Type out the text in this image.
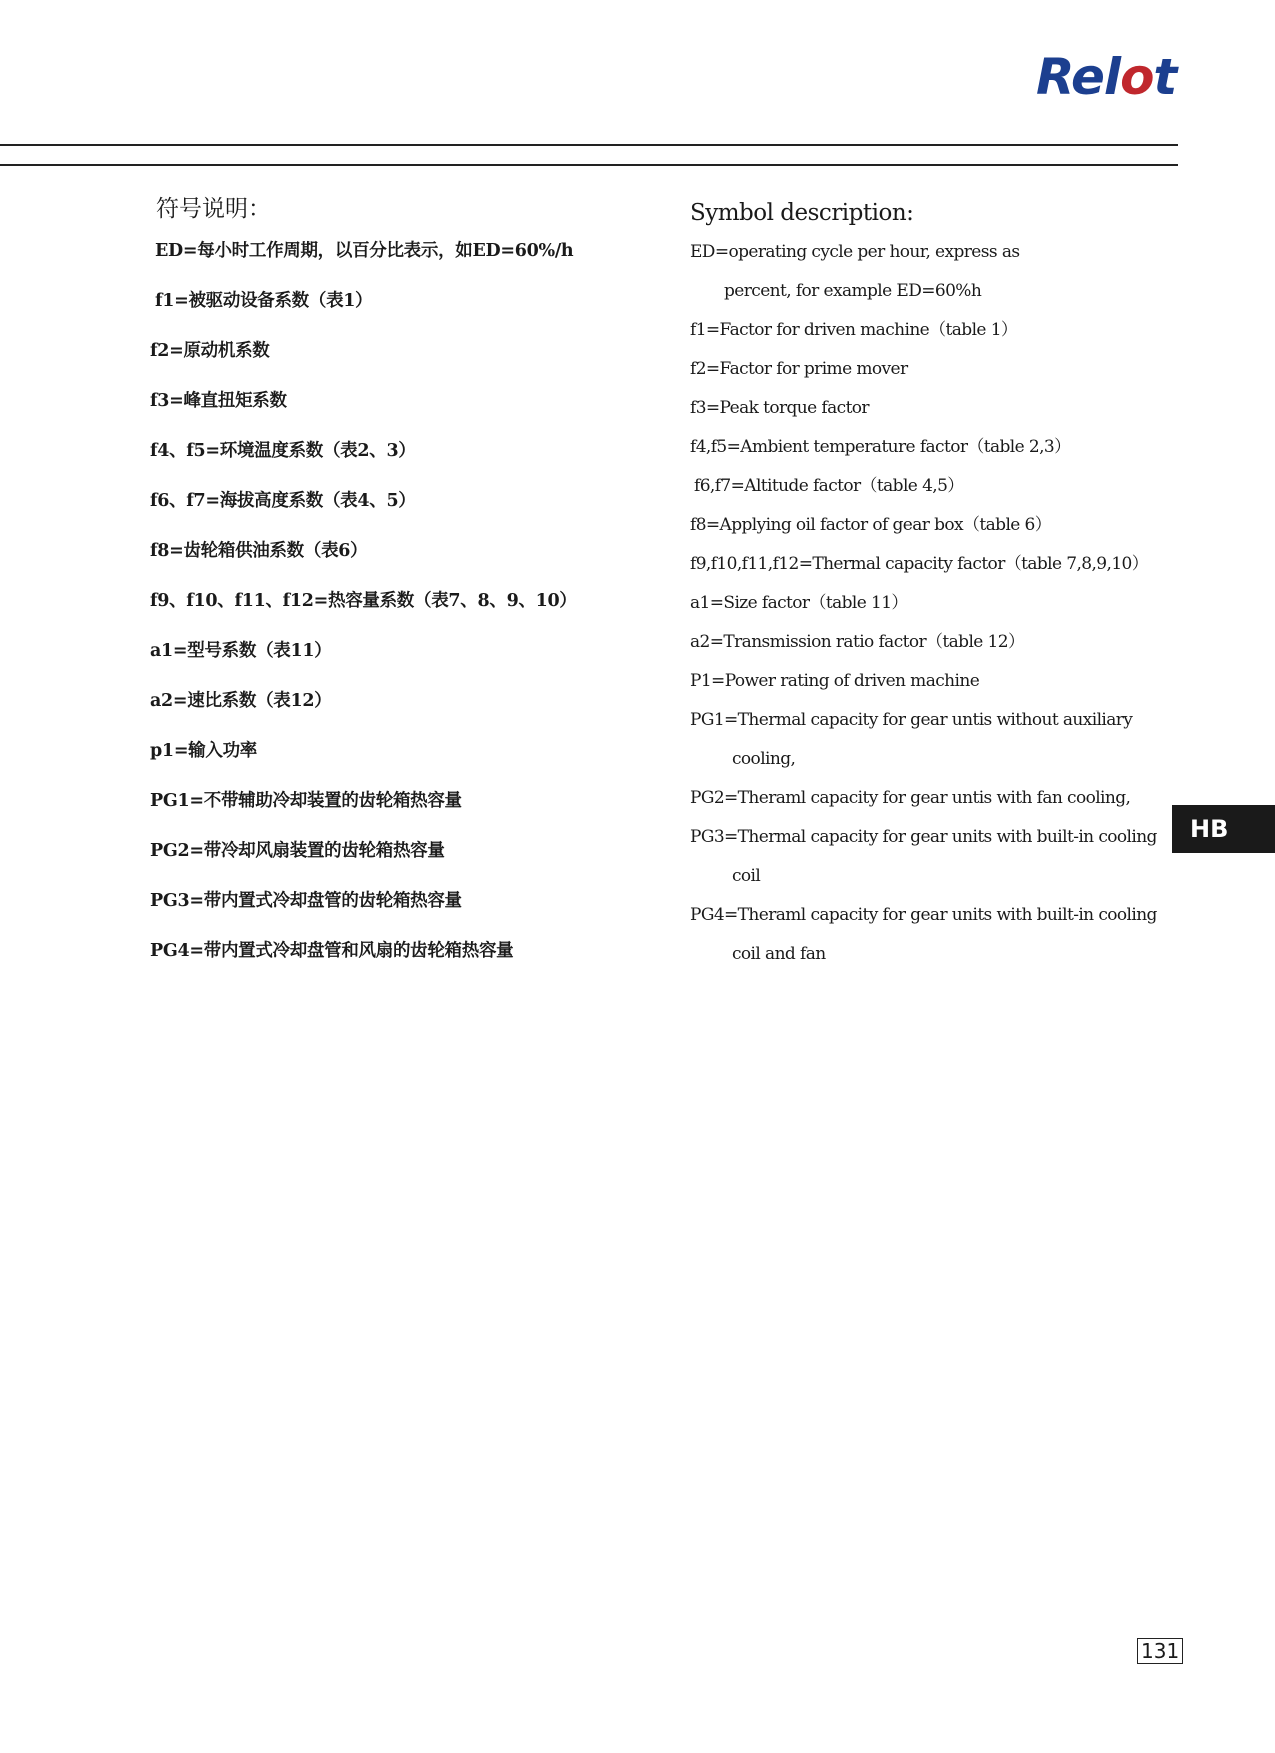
Relot
符号说明：
ED=每小时工作周期，以百分比表示，如ED=60%/h
f1=被驱动设备系数（表1）
f2=原动机系数
f3=峰直扭矩系数
f4、f5=环境温度系数（表2、3）
f6、f7=海拔高度系数（表4、5）
f8=齿轮箱供油系数（表6）
f9、f10、f11、f12=热容量系数（表7、8、9、10）
a1=型号系数（表11）
a2=速比系数（表12）
p1=输入功率
PG1=不带辅助冷却装置的齿轮箱热容量
PG2=带冷却风扇装置的齿轮箱热容量
PG3=带内置式冷却盘管的齿轮箱热容量
PG4=带内置式冷却盘管和风扇的齿轮箱热容量
Symbol description:
ED=operating cycle per hour, express as
percent, for example ED=60%h
f1=Factor for driven machine（table 1）
f2=Factor for prime mover
f3=Peak torque factor
f4,f5=Ambient temperature factor（table 2,3）
f6,f7=Altitude factor（table 4,5）
f8=Applying oil factor of gear box（table 6）
f9,f10,f11,f12=Thermal capacity factor（table 7,8,9,10）
a1=Size factor（table 11）
a2=Transmission ratio factor（table 12）
P1=Power rating of driven machine
PG1=Thermal capacity for gear untis without auxiliary
cooling,
PG2=Theraml capacity for gear untis with fan cooling,
PG3=Thermal capacity for gear units with built-in cooling
coil
PG4=Theraml capacity for gear units with built-in cooling
coil and fan
HB
131
